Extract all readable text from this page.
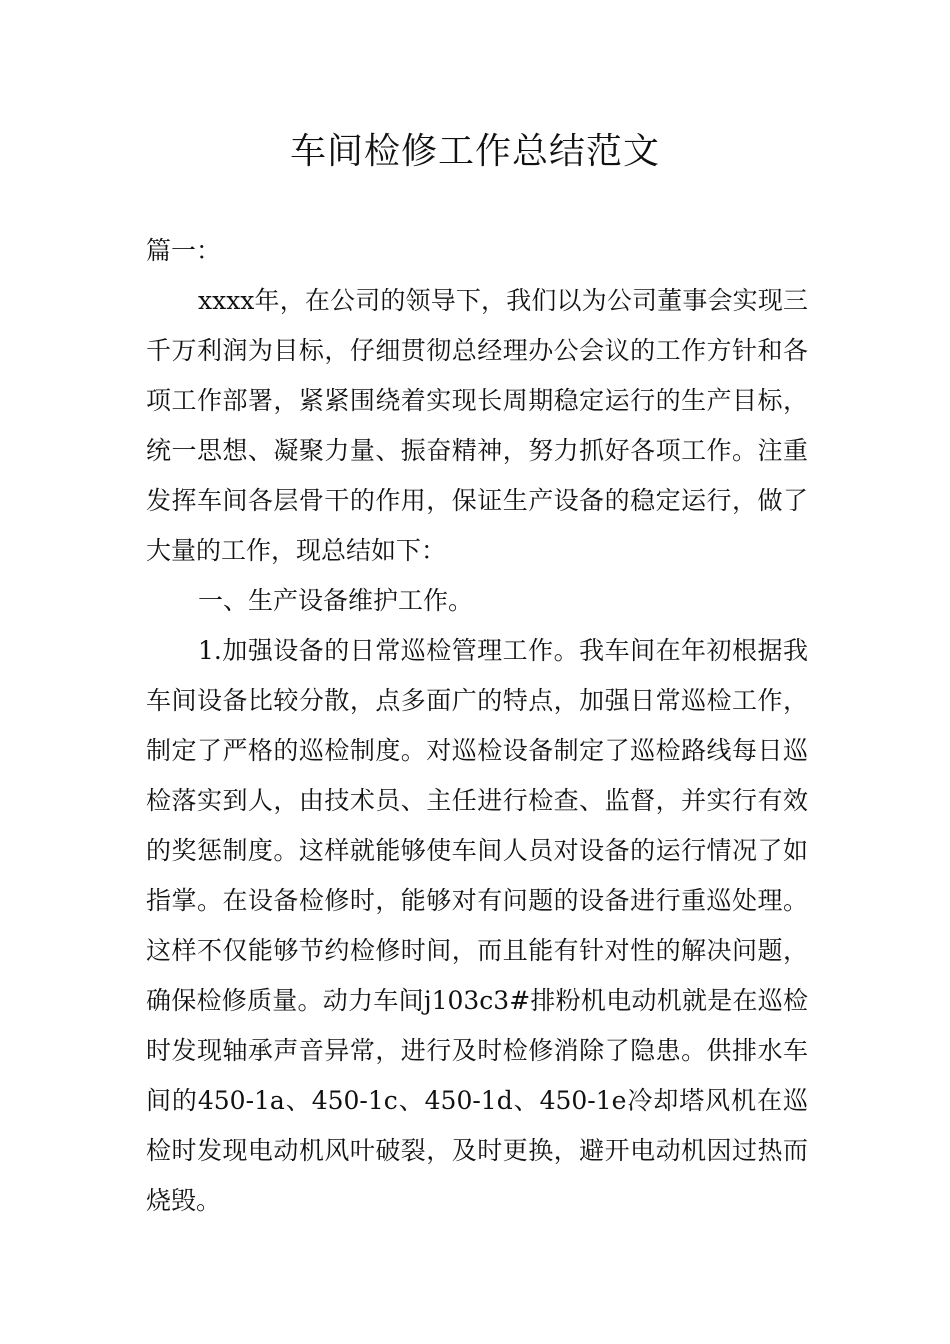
车间检修工作总结范文

篇一：

xxxx年，在公司的领导下，我们以为公司董事会实现三千万利润为目标，仔细贯彻总经理办公会议的工作方针和各项工作部署，紧紧围绕着实现长周期稳定运行的生产目标，统一思想、凝聚力量、振奋精神，努力抓好各项工作。注重发挥车间各层骨干的作用，保证生产设备的稳定运行，做了大量的工作，现总结如下：

一、生产设备维护工作。

1.加强设备的日常巡检管理工作。我车间在年初根据我车间设备比较分散，点多面广的特点，加强日常巡检工作，制定了严格的巡检制度。对巡检设备制定了巡检路线每日巡检落实到人，由技术员、主任进行检查、监督，并实行有效的奖惩制度。这样就能够使车间人员对设备的运行情况了如指掌。在设备检修时，能够对有问题的设备进行重巡处理。这样不仅能够节约检修时间，而且能有针对性的解决问题，确保检修质量。动力车间j103c3#排粉机电动机就是在巡检时发现轴承声音异常，进行及时检修消除了隐患。供排水车间的450-1a、450-1c、450-1d、450-1e冷却塔风机在巡检时发现电动机风叶破裂，及时更换，避开电动机因过热而烧毁。
